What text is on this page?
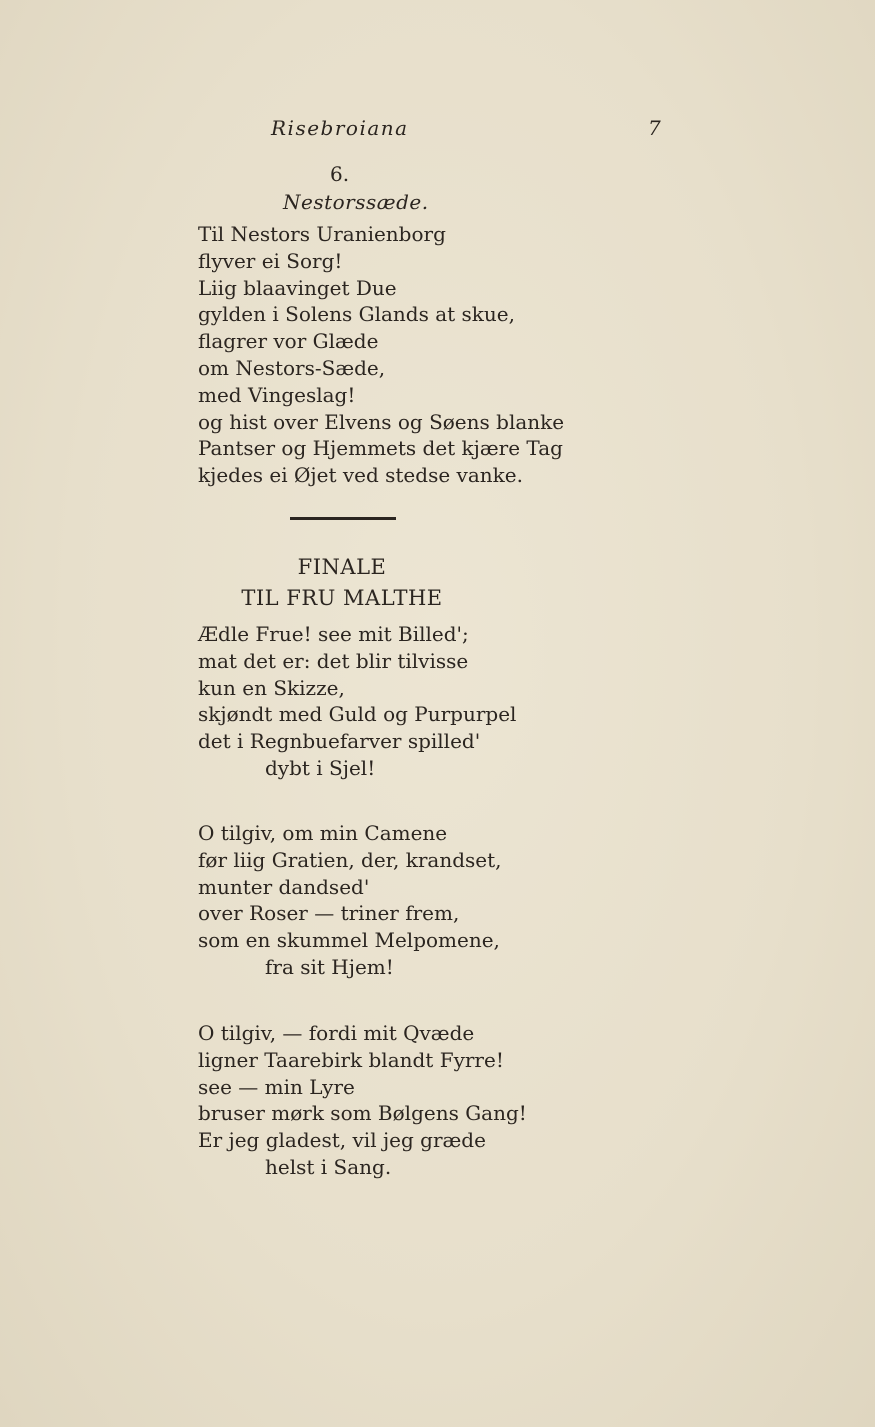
Risebroiana	7
6.
Nestorssæde.
Til Nestors Uranienborg
flyver ei Sorg!
Liig blaavinget Due
gylden i Solens Glands at skue,
flagrer vor Glæde
om Nestors-Sæde,
med Vingeslag!
og hist over Elvens og Søens blanke
Pantser og Hjemmets det kjære Tag
kjedes ei Øjet ved stedse vanke.
FINALE
TIL FRU MALTHE
Ædle Frue! see mit Billed';
mat det er: det blir tilvisse
kun en Skizze,
skjøndt med Guld og Purpurpel
det i Regnbuefarver spilled'
dybt i Sjel!
O tilgiv, om min Camene
før liig Gratien, der, krandset,
munter dandsed'
over Roser — triner frem,
som en skummel Melpomene,
fra sit Hjem!
O tilgiv, — fordi mit Qvæde
ligner Taarebirk blandt Fyrre!
see — min Lyre
bruser mørk som Bølgens Gang!
Er jeg gladest, vil jeg græde
helst i Sang.
